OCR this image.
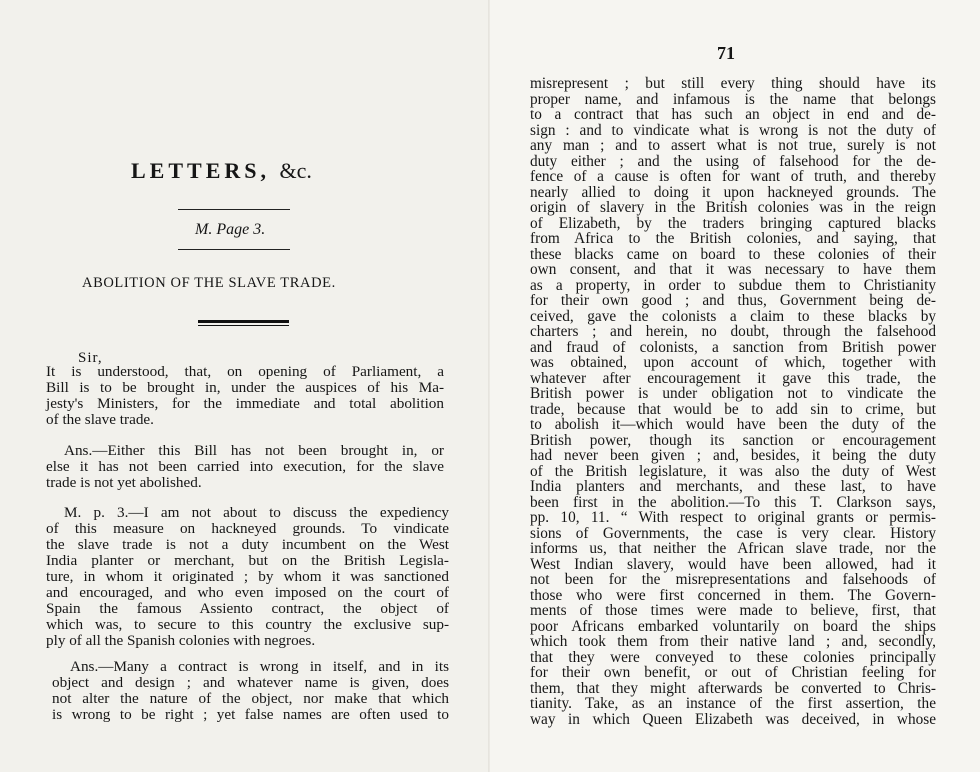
LETTERS, &c.
M. Page 3.
ABOLITION OF THE SLAVE TRADE.
Sir,
It is understood, that, on opening of Parliament, a
Bill is to be brought in, under the auspices of his Ma-
jesty's Ministers, for the immediate and total abolition
of the slave trade.
Ans.—Either this Bill has not been brought in, or
else it has not been carried into execution, for the slave
trade is not yet abolished.
M. p. 3.—I am not about to discuss the expediency
of this measure on hackneyed grounds. To vindicate
the slave trade is not a duty incumbent on the West
India planter or merchant, but on the British Legisla-
ture, in whom it originated ; by whom it was sanctioned
and encouraged, and who even imposed on the court of
Spain the famous Assiento contract, the object of
which was, to secure to this country the exclusive sup-
ply of all the Spanish colonies with negroes.
Ans.—Many a contract is wrong in itself, and in its
object and design ; and whatever name is given, does
not alter the nature of the object, nor make that which
is wrong to be right ; yet false names are often used to
71
misrepresent ; but still every thing should have its
proper name, and infamous is the name that belongs
to a contract that has such an object in end and de-
sign : and to vindicate what is wrong is not the duty of
any man ; and to assert what is not true, surely is not
duty either ; and the using of falsehood for the de-
fence of a cause is often for want of truth, and thereby
nearly allied to doing it upon hackneyed grounds. The
origin of slavery in the British colonies was in the reign
of Elizabeth, by the traders bringing captured blacks
from Africa to the British colonies, and saying, that
these blacks came on board to these colonies of their
own consent, and that it was necessary to have them
as a property, in order to subdue them to Christianity
for their own good ; and thus, Government being de-
ceived, gave the colonists a claim to these blacks by
charters ; and herein, no doubt, through the falsehood
and fraud of colonists, a sanction from British power
was obtained, upon account of which, together with
whatever after encouragement it gave this trade, the
British power is under obligation not to vindicate the
trade, because that would be to add sin to crime, but
to abolish it—which would have been the duty of the
British power, though its sanction or encouragement
had never been given ; and, besides, it being the duty
of the British legislature, it was also the duty of West
India planters and merchants, and these last, to have
been first in the abolition.—To this T. Clarkson says,
pp. 10, 11. “ With respect to original grants or permis-
sions of Governments, the case is very clear. History
informs us, that neither the African slave trade, nor the
West Indian slavery, would have been allowed, had it
not been for the misrepresentations and falsehoods of
those who were first concerned in them. The Govern-
ments of those times were made to believe, first, that
poor Africans embarked voluntarily on board the ships
which took them from their native land ; and, secondly,
that they were conveyed to these colonies principally
for their own benefit, or out of Christian feeling for
them, that they might afterwards be converted to Chris-
tianity. Take, as an instance of the first assertion, the
way in which Queen Elizabeth was deceived, in whose
